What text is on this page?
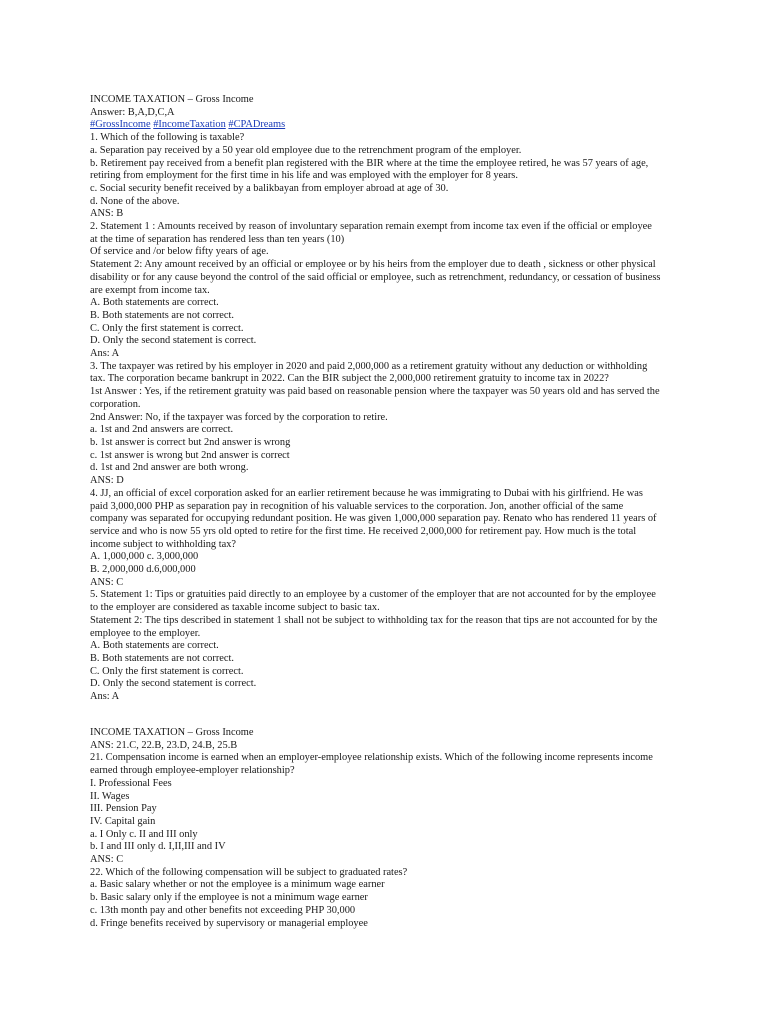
INCOME TAXATION – Gross Income
Answer: B,A,D,C,A
#GrossIncome #IncomeTaxation #CPADreams
1. Which of the following is taxable?
a. Separation pay received by a 50 year old employee due to the retrenchment program of the employer.
b. Retirement pay received from a benefit plan registered with the BIR where at the time the employee retired, he was 57 years of age,
retiring from employment for the first time in his life and was employed with the employer for 8 years.
c. Social security benefit received by a balikbayan from employer abroad at age of 30.
d. None of the above.
ANS: B
2. Statement 1 : Amounts received by reason of involuntary separation remain exempt from income tax even if the official or employee
at the time of separation has rendered less than ten years (10)
Of service and /or below fifty years of age.
Statement 2: Any amount received by an official or employee or by his heirs from the employer due to death , sickness or other physical
disability or for any cause beyond the control of the said official or employee, such as retrenchment, redundancy, or cessation of business
are exempt from income tax.
A. Both statements are correct.
B. Both statements are not correct.
C. Only the first statement is correct.
D. Only the second statement is correct.
Ans: A
3. The taxpayer was retired by his employer in 2020 and paid 2,000,000 as a retirement gratuity without any deduction or withholding
tax. The corporation became bankrupt in 2022. Can the BIR subject the 2,000,000 retirement gratuity to income tax in 2022?
1st Answer : Yes, if the retirement gratuity was paid based on reasonable pension where the taxpayer was 50 years old and has served the
corporation.
2nd Answer: No, if the taxpayer was forced by the corporation to retire.
a. 1st and 2nd answers are correct.
b. 1st answer is correct but 2nd answer is wrong
c. 1st answer is wrong but 2nd answer is correct
d. 1st and 2nd answer are both wrong.
ANS: D
4. JJ, an official of excel corporation asked for an earlier retirement because he was immigrating to Dubai with his girlfriend. He was
paid 3,000,000 PHP as separation pay in recognition of his valuable services to the corporation. Jon, another official of the same
company was separated for occupying redundant position. He was given 1,000,000 separation pay. Renato who has rendered 11 years of
service and who is now 55 yrs old opted to retire for the first time. He received 2,000,000 for retirement pay. How much is the total
income subject to withholding tax?
A. 1,000,000 c. 3,000,000
B. 2,000,000 d.6,000,000
ANS: C
5. Statement 1: Tips or gratuities paid directly to an employee by a customer of the employer that are not accounted for by the employee
to the employer are considered as taxable income subject to basic tax.
Statement 2: The tips described in statement 1 shall not be subject to withholding tax for the reason that tips are not accounted for by the
employee to the employer.
A. Both statements are correct.
B. Both statements are not correct.
C. Only the first statement is correct.
D. Only the second statement is correct.
Ans: A
INCOME TAXATION – Gross Income
ANS: 21.C, 22.B, 23.D, 24.B, 25.B
21. Compensation income is earned when an employer-employee relationship exists. Which of the following income represents income
earned through employee-employer relationship?
I. Professional Fees
II. Wages
III. Pension Pay
IV. Capital gain
a. I Only c. II and III only
b. I and III only d. I,II,III and IV
ANS: C
22. Which of the following compensation will be subject to graduated rates?
a. Basic salary whether or not the employee is a minimum wage earner
b. Basic salary only if the employee is not a minimum wage earner
c. 13th month pay and other benefits not exceeding PHP 30,000
d. Fringe benefits received by supervisory or managerial employee
